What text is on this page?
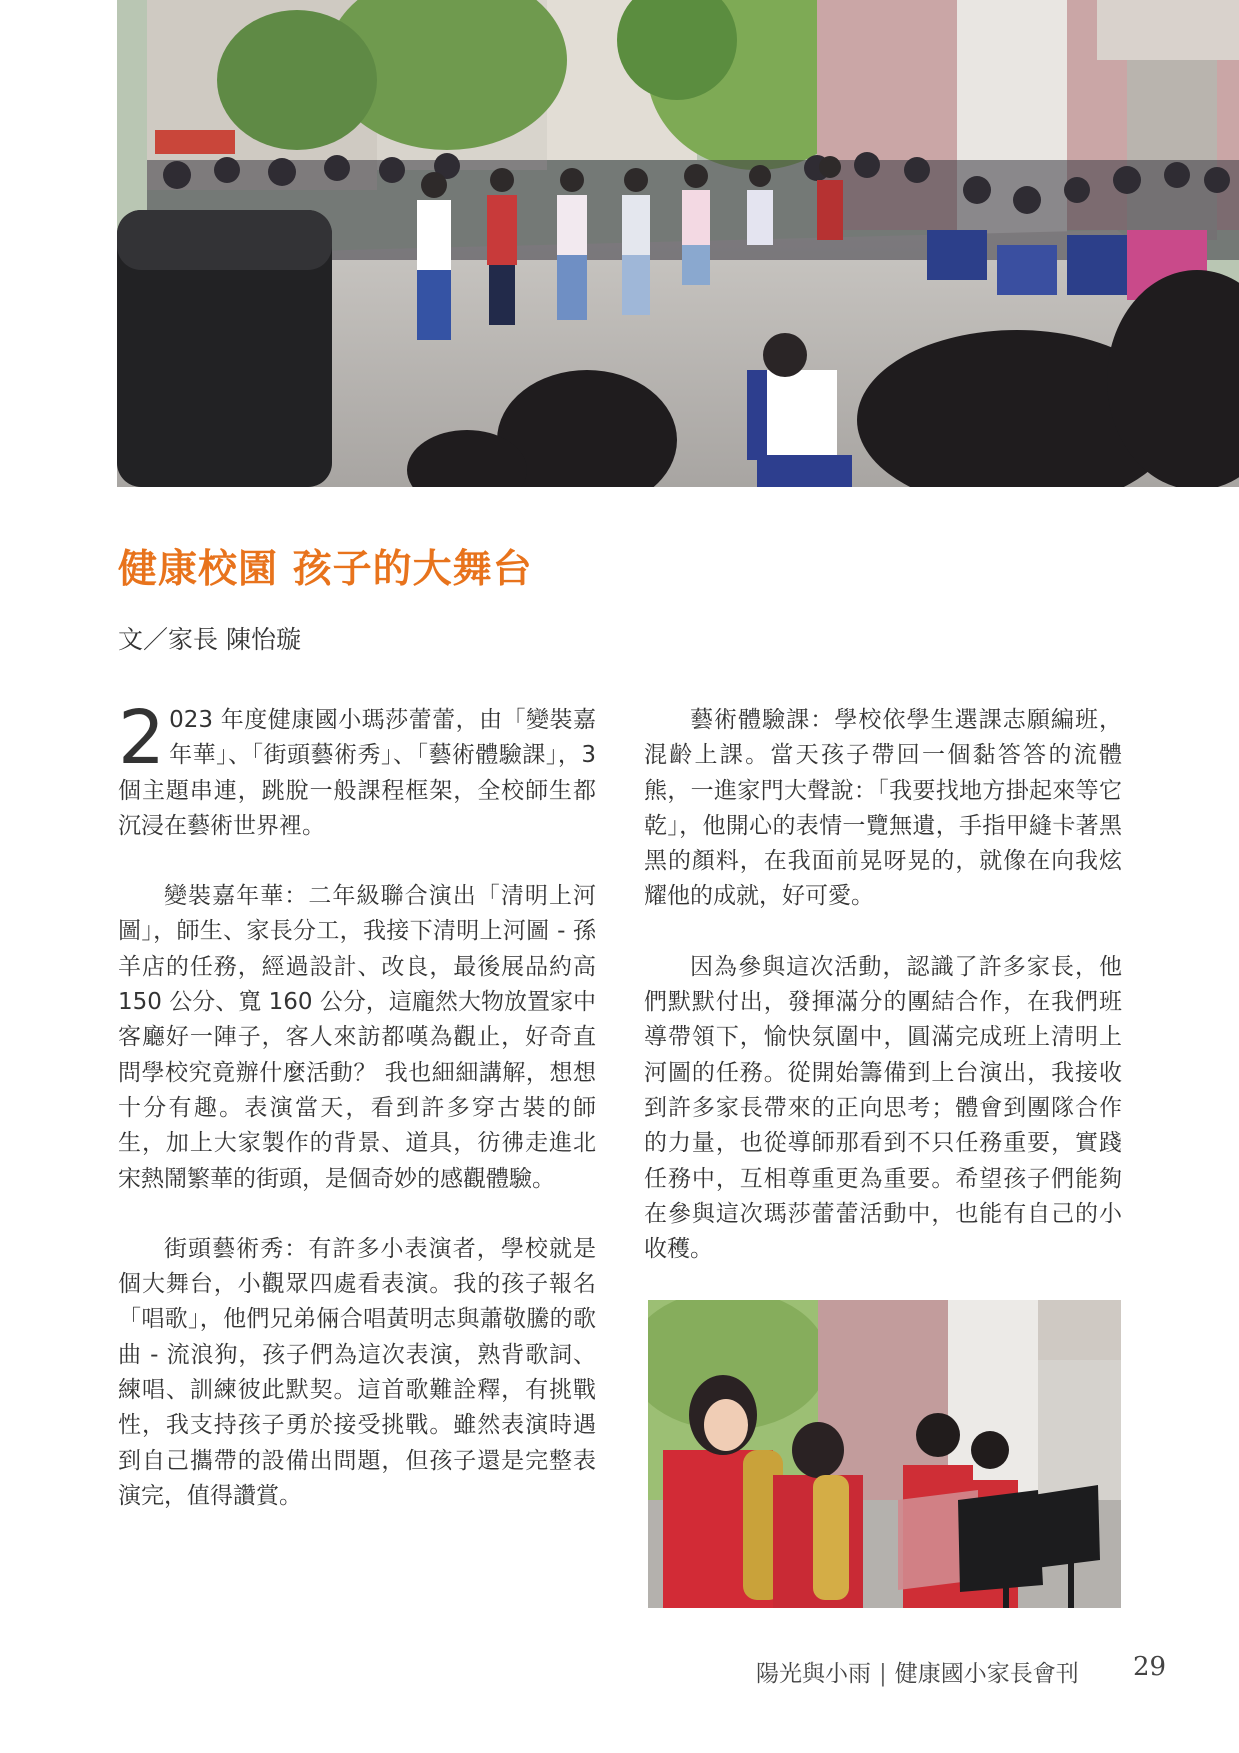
健康校園 孩子的大舞台
文／家長 陳怡璇

2 023 年度健康國小瑪莎蕾蕾，由「變裝嘉年華」、「街頭藝術秀」、「藝術體驗課」，3 個主題串連，跳脫一般課程框架，全校師生都沉浸在藝術世界裡。

變裝嘉年華：二年級聯合演出「清明上河圖」，師生、家長分工，我接下清明上河圖 - 孫羊店的任務，經過設計、改良，最後展品約高 150 公分、寬 160 公分，這龐然大物放置家中客廳好一陣子，客人來訪都嘆為觀止，好奇直問學校究竟辦什麼活動？ 我也細細講解，想想十分有趣。表演當天，看到許多穿古裝的師生，加上大家製作的背景、道具，彷彿走進北宋熱鬧繁華的街頭，是個奇妙的感觀體驗。

街頭藝術秀：有許多小表演者，學校就是個大舞台，小觀眾四處看表演。我的孩子報名「唱歌」，他們兄弟倆合唱黃明志與蕭敬騰的歌曲 - 流浪狗，孩子們為這次表演，熟背歌詞、練唱、訓練彼此默契。這首歌難詮釋，有挑戰性，我支持孩子勇於接受挑戰。雖然表演時遇到自己攜帶的設備出問題，但孩子還是完整表演完，值得讚賞。

藝術體驗課：學校依學生選課志願編班，混齡上課。當天孩子帶回一個黏答答的流體熊，一進家門大聲說：「我要找地方掛起來等它乾」，他開心的表情一覽無遺，手指甲縫卡著黑黑的顏料，在我面前晃呀晃的，就像在向我炫耀他的成就，好可愛。

因為參與這次活動，認識了許多家長，他們默默付出，發揮滿分的團結合作，在我們班導帶領下，愉快氛圍中，圓滿完成班上清明上河圖的任務。從開始籌備到上台演出，我接收到許多家長帶來的正向思考；體會到團隊合作的力量，也從導師那看到不只任務重要，實踐任務中，互相尊重更為重要。希望孩子們能夠在參與這次瑪莎蕾蕾活動中，也能有自己的小收穫。

陽光與小雨 | 健康國小家長會刊 29
